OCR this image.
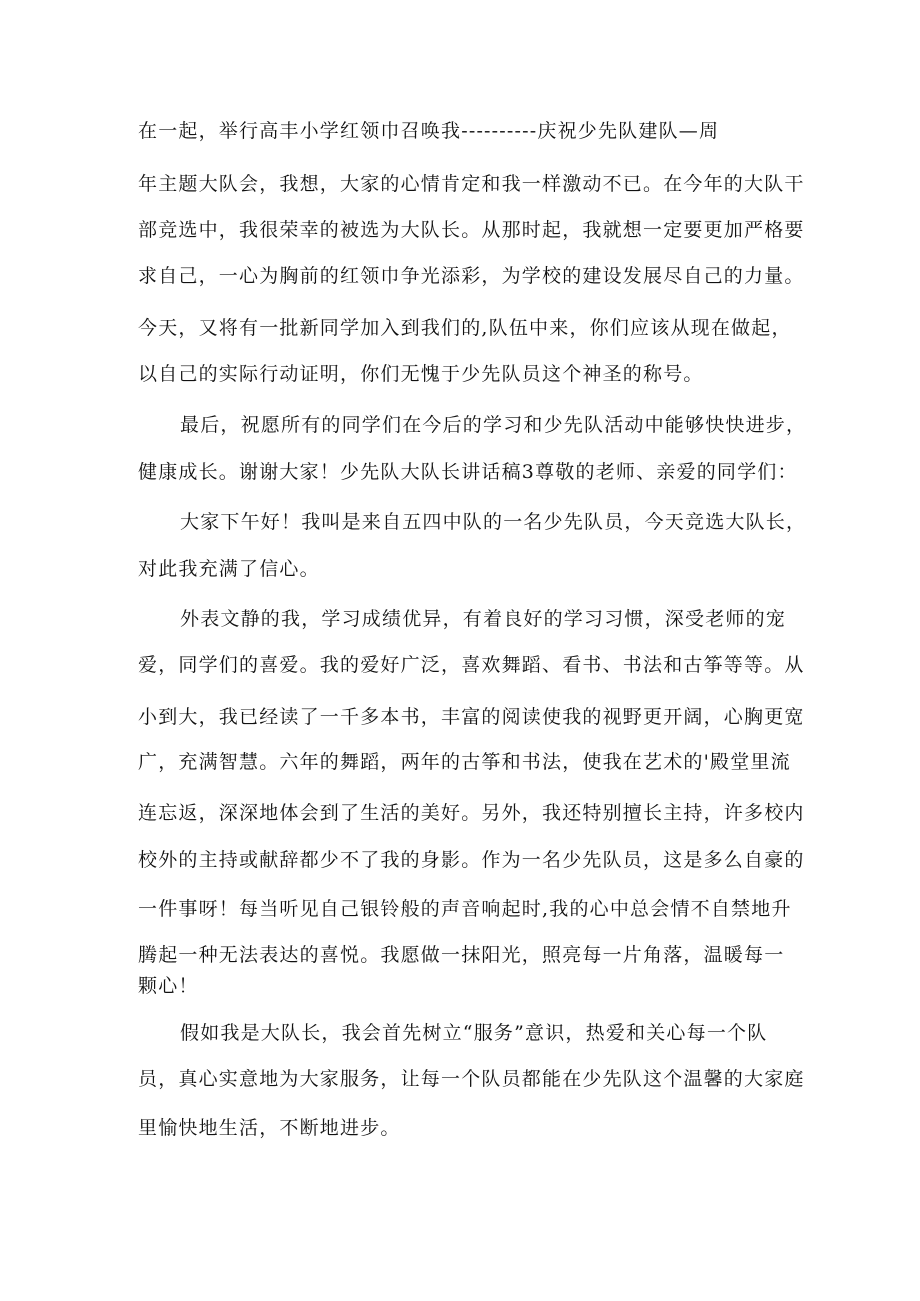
在一起，举行高丰小学红领巾召唤我----------庆祝少先队建队—周
年主题大队会，我想，大家的心情肯定和我一样激动不已。在今年的大队干
部竞选中，我很荣幸的被选为大队长。从那时起，我就想一定要更加严格要
求自己，一心为胸前的红领巾争光添彩，为学校的建设发展尽自己的力量。
今天，又将有一批新同学加入到我们的,队伍中来，你们应该从现在做起，
以自己的实际行动证明，你们无愧于少先队员这个神圣的称号。
最后，祝愿所有的同学们在今后的学习和少先队活动中能够快快进步，
健康成长。谢谢大家！少先队大队长讲话稿3尊敬的老师、亲爱的同学们：
大家下午好！我叫是来自五四中队的一名少先队员，今天竞选大队长，
对此我充满了信心。
外表文静的我，学习成绩优异，有着良好的学习习惯，深受老师的宠
爱，同学们的喜爱。我的爱好广泛，喜欢舞蹈、看书、书法和古筝等等。从
小到大，我已经读了一千多本书，丰富的阅读使我的视野更开阔，心胸更宽
广，充满智慧。六年的舞蹈，两年的古筝和书法，使我在艺术的'殿堂里流
连忘返，深深地体会到了生活的美好。另外，我还特别擅长主持，许多校内
校外的主持或献辞都少不了我的身影。作为一名少先队员，这是多么自豪的
一件事呀！每当听见自己银铃般的声音响起时,我的心中总会情不自禁地升
腾起一种无法表达的喜悦。我愿做一抹阳光，照亮每一片角落，温暖每一
颗心！
假如我是大队长，我会首先树立“服务”意识，热爱和关心每一个队
员，真心实意地为大家服务，让每一个队员都能在少先队这个温馨的大家庭
里愉快地生活，不断地进步。
